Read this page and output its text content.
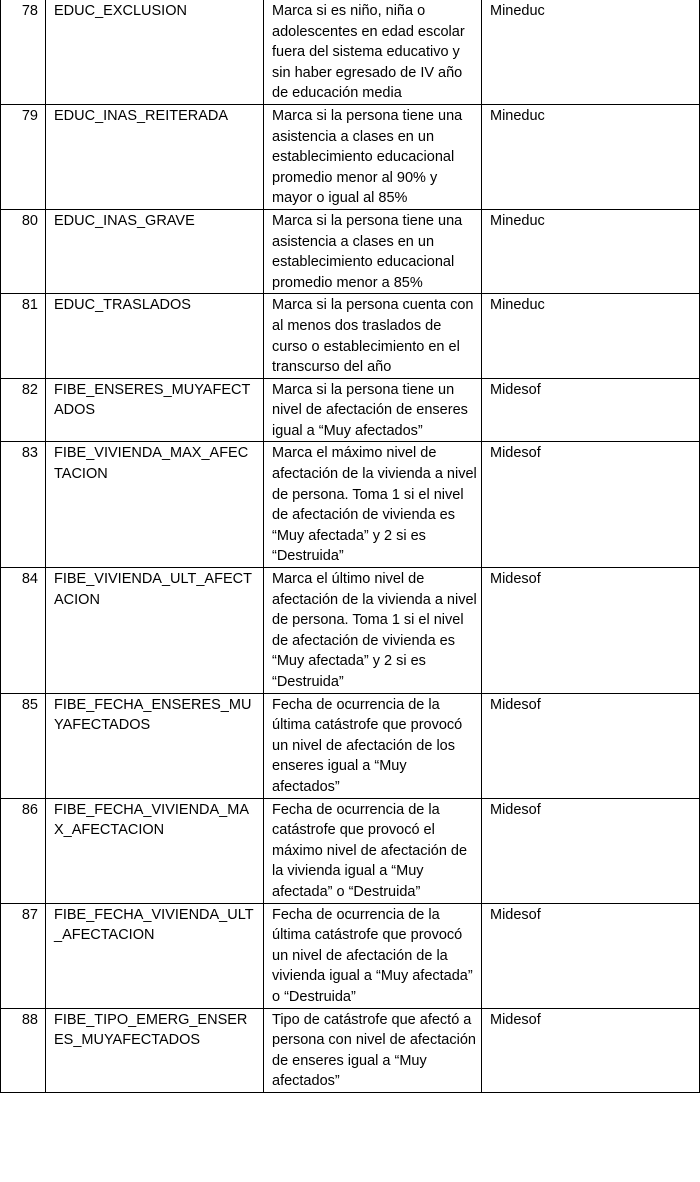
78	EDUC_EXCLUSION	Marca si es niño, niña o adolescentes en edad escolar fuera del sistema educativo y sin haber egresado de IV año de educación media	Mineduc
79	EDUC_INAS_REITERADA	Marca si la persona tiene una asistencia a clases en un establecimiento educacional promedio menor al 90% y mayor o igual al 85%	Mineduc
80	EDUC_INAS_GRAVE	Marca si la persona tiene una asistencia a clases en un establecimiento educacional promedio menor a 85%	Mineduc
81	EDUC_TRASLADOS	Marca si la persona cuenta con al menos dos traslados de curso o establecimiento en el transcurso del año	Mineduc
82	FIBE_ENSERES_MUYAFECTADOS	Marca si la persona tiene un nivel de afectación de enseres igual a “Muy afectados”	Midesof
83	FIBE_VIVIENDA_MAX_AFECTACION	Marca el máximo nivel de afectación de la vivienda a nivel de persona. Toma 1 si el nivel de afectación de vivienda es “Muy afectada” y 2 si es “Destruida”	Midesof
84	FIBE_VIVIENDA_ULT_AFECTACION	Marca el último nivel de afectación de la vivienda a nivel de persona. Toma 1 si el nivel de afectación de vivienda es “Muy afectada” y 2 si es “Destruida”	Midesof
85	FIBE_FECHA_ENSERES_MUYAFECTADOS	Fecha de ocurrencia de la última catástrofe que provocó un nivel de afectación de los enseres igual a “Muy afectados”	Midesof
86	FIBE_FECHA_VIVIENDA_MAX_AFECTACION	Fecha de ocurrencia de la catástrofe que provocó el máximo nivel de afectación de la vivienda igual a “Muy afectada” o “Destruida”	Midesof
87	FIBE_FECHA_VIVIENDA_ULT_AFECTACION	Fecha de ocurrencia de la última catástrofe que provocó un nivel de afectación de la vivienda igual a “Muy afectada” o “Destruida”	Midesof
88	FIBE_TIPO_EMERG_ENSERES_MUYAFECTADOS	Tipo de catástrofe que afectó a persona con nivel de afectación de enseres igual a “Muy afectados”	Midesof
